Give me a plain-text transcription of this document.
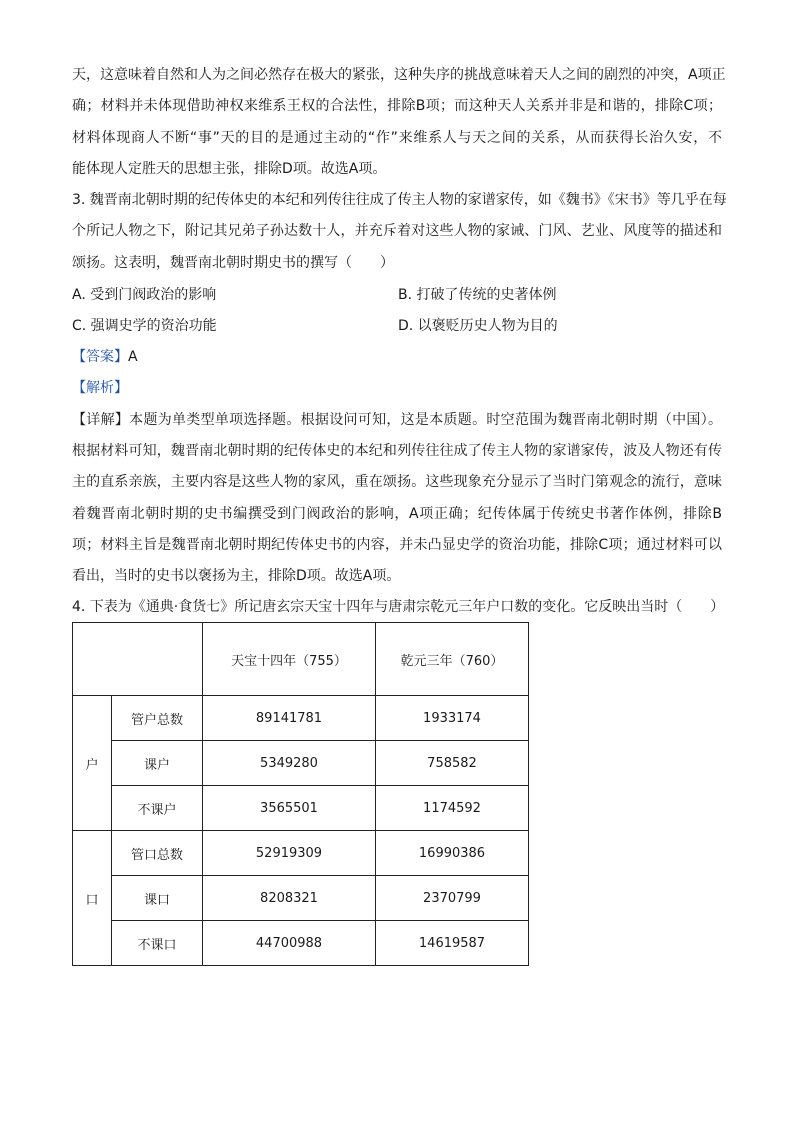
天，这意味着自然和人为之间必然存在极大的紧张，这种失序的挑战意味着天人之间的剧烈的冲突，A项正
确；材料并未体现借助神权来维系王权的合法性，排除B项；而这种天人关系并非是和谐的，排除C项；
材料体现商人不断“事”天的目的是通过主动的“作”来维系人与天之间的关系，从而获得长治久安，不
能体现人定胜天的思想主张，排除D项。故选A项。
3. 魏晋南北朝时期的纪传体史的本纪和列传往往成了传主人物的家谱家传，如《魏书》《宋书》等几乎在每
个所记人物之下，附记其兄弟子孙达数十人，并充斥着对这些人物的家诫、门风、艺业、风度等的描述和
颂扬。这表明，魏晋南北朝时期史书的撰写（　　）
A. 受到门阀政治的影响	B. 打破了传统的史著体例
C. 强调史学的资治功能	D. 以褒贬历史人物为目的
【答案】A
【解析】
【详解】本题为单类型单项选择题。根据设问可知，这是本质题。时空范围为魏晋南北朝时期（中国）。
根据材料可知，魏晋南北朝时期的纪传体史的本纪和列传往往成了传主人物的家谱家传，波及人物还有传
主的直系亲族，主要内容是这些人物的家风，重在颂扬。这些现象充分显示了当时门第观念的流行，意味
着魏晋南北朝时期的史书编撰受到门阀政治的影响，A项正确；纪传体属于传统史书著作体例，排除B
项；材料主旨是魏晋南北朝时期纪传体史书的内容，并未凸显史学的资治功能，排除C项；通过材料可以
看出，当时的史书以褒扬为主，排除D项。故选A项。
4. 下表为《通典·食货七》所记唐玄宗天宝十四年与唐肃宗乾元三年户口数的变化。它反映出当时（　　）
		天宝十四年（755）	乾元三年（760）
户	管户总数	89141781	1933174
	课户	5349280	758582
	不课户	3565501	1174592
口	管口总数	52919309	16990386
	课口	8208321	2370799
	不课口	44700988	14619587
